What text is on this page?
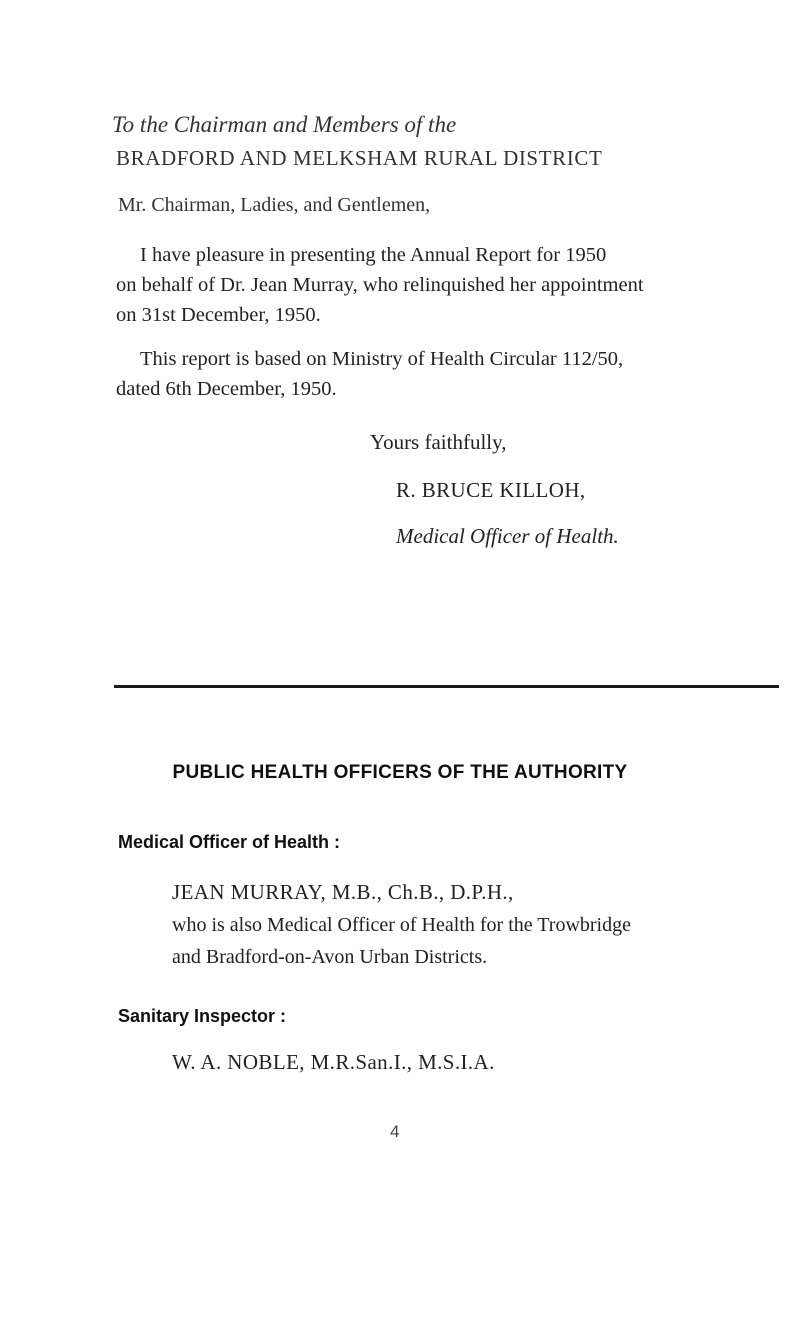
To the Chairman and Members of the
BRADFORD AND MELKSHAM RURAL DISTRICT
Mr. Chairman, Ladies, and Gentlemen,
I have pleasure in presenting the Annual Report for 1950
on behalf of Dr. Jean Murray, who relinquished her appointment
on 31st December, 1950.
This report is based on Ministry of Health Circular 112/50,
dated 6th December, 1950.
Yours faithfully,
R. BRUCE KILLOH,
Medical Officer of Health.
PUBLIC HEALTH OFFICERS OF THE AUTHORITY
Medical Officer of Health :
JEAN MURRAY, M.B., Ch.B., D.P.H.,
who is also Medical Officer of Health for the Trowbridge
and Bradford-on-Avon Urban Districts.
Sanitary Inspector :
W. A. NOBLE, M.R.San.I., M.S.I.A.
4
